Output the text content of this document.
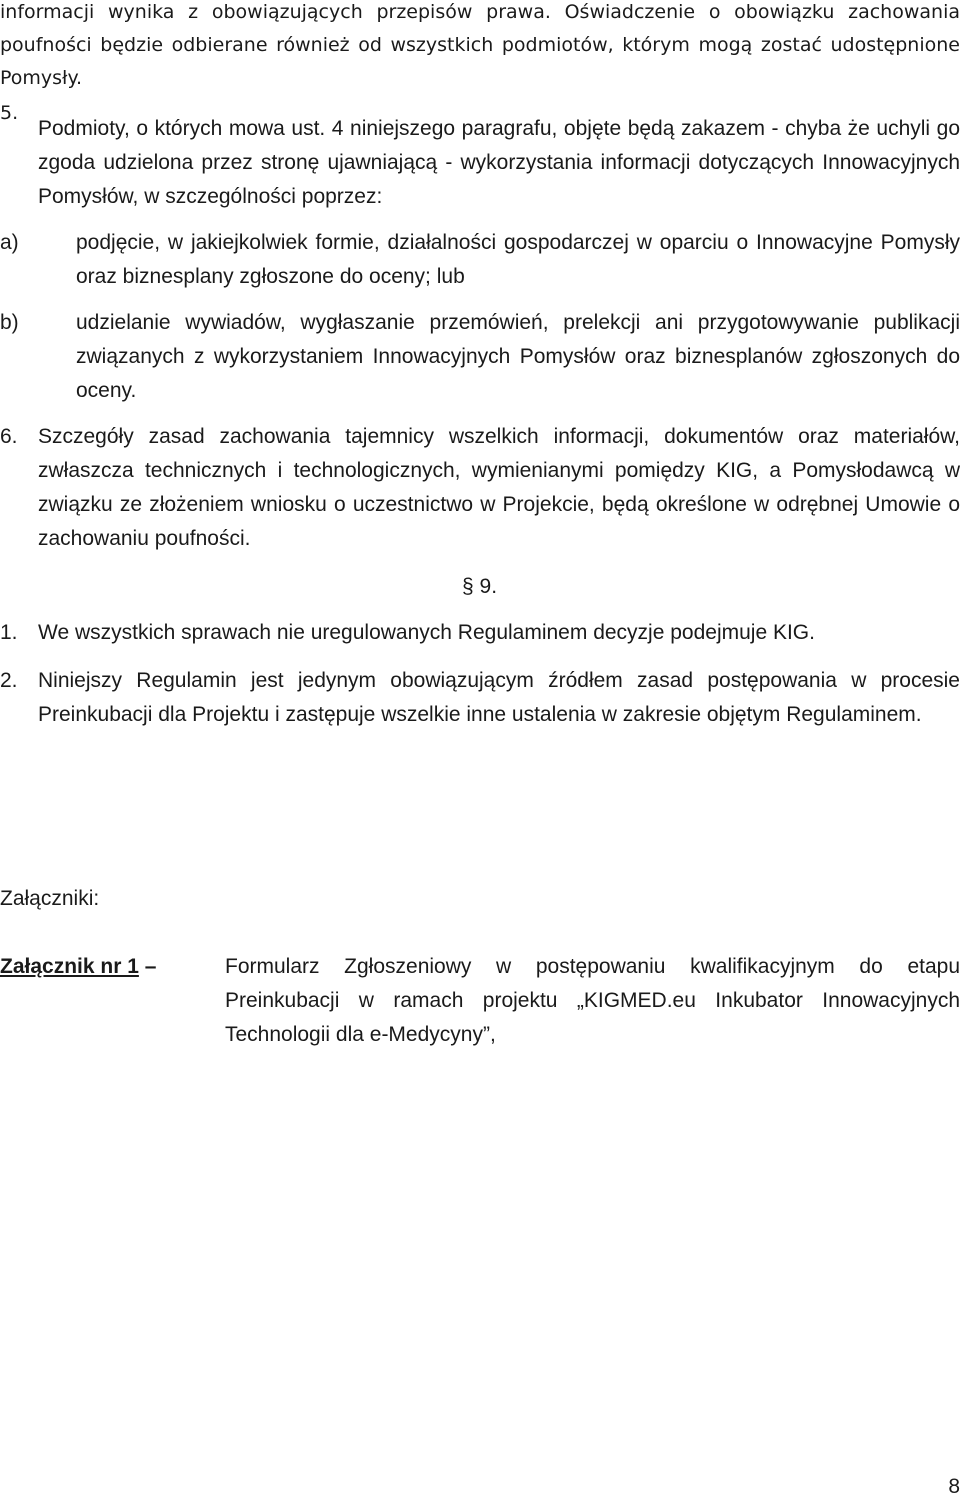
informacji wynika z obowiązujących przepisów prawa. Oświadczenie o obowiązku zachowania poufności będzie odbierane również od wszystkich podmiotów, którym mogą zostać udostępnione Pomysły.
5.
Podmioty, o których mowa ust. 4 niniejszego paragrafu, objęte będą zakazem - chyba że uchyli go zgoda udzielona przez stronę ujawniającą - wykorzystania informacji dotyczących Innowacyjnych Pomysłów, w szczególności poprzez:
a)	podjęcie, w jakiejkolwiek formie, działalności gospodarczej w oparciu o Innowacyjne Pomysły oraz biznesplany zgłoszone do oceny; lub
b)	udzielanie wywiadów, wygłaszanie przemówień, prelekcji ani przygotowywanie publikacji związanych z wykorzystaniem Innowacyjnych Pomysłów oraz biznesplanów zgłoszonych do oceny.
6. Szczegóły zasad zachowania tajemnicy wszelkich informacji, dokumentów oraz materiałów, zwłaszcza technicznych i technologicznych, wymienianymi pomiędzy KIG, a Pomysłodawcą w związku ze złożeniem wniosku o uczestnictwo w Projekcie, będą określone w odrębnej Umowie o zachowaniu poufności.
§ 9.
1. We wszystkich sprawach nie uregulowanych Regulaminem decyzje podejmuje KIG.
2. Niniejszy Regulamin jest jedynym obowiązującym źródłem zasad postępowania w procesie Preinkubacji dla Projektu i zastępuje wszelkie inne ustalenia w zakresie objętym Regulaminem.
Załączniki:
Załącznik nr 1 –	Formularz Zgłoszeniowy w postępowaniu kwalifikacyjnym do etapu Preinkubacji w ramach projektu „KIGMED.eu Inkubator Innowacyjnych Technologii dla e-Medycyny”,
8
